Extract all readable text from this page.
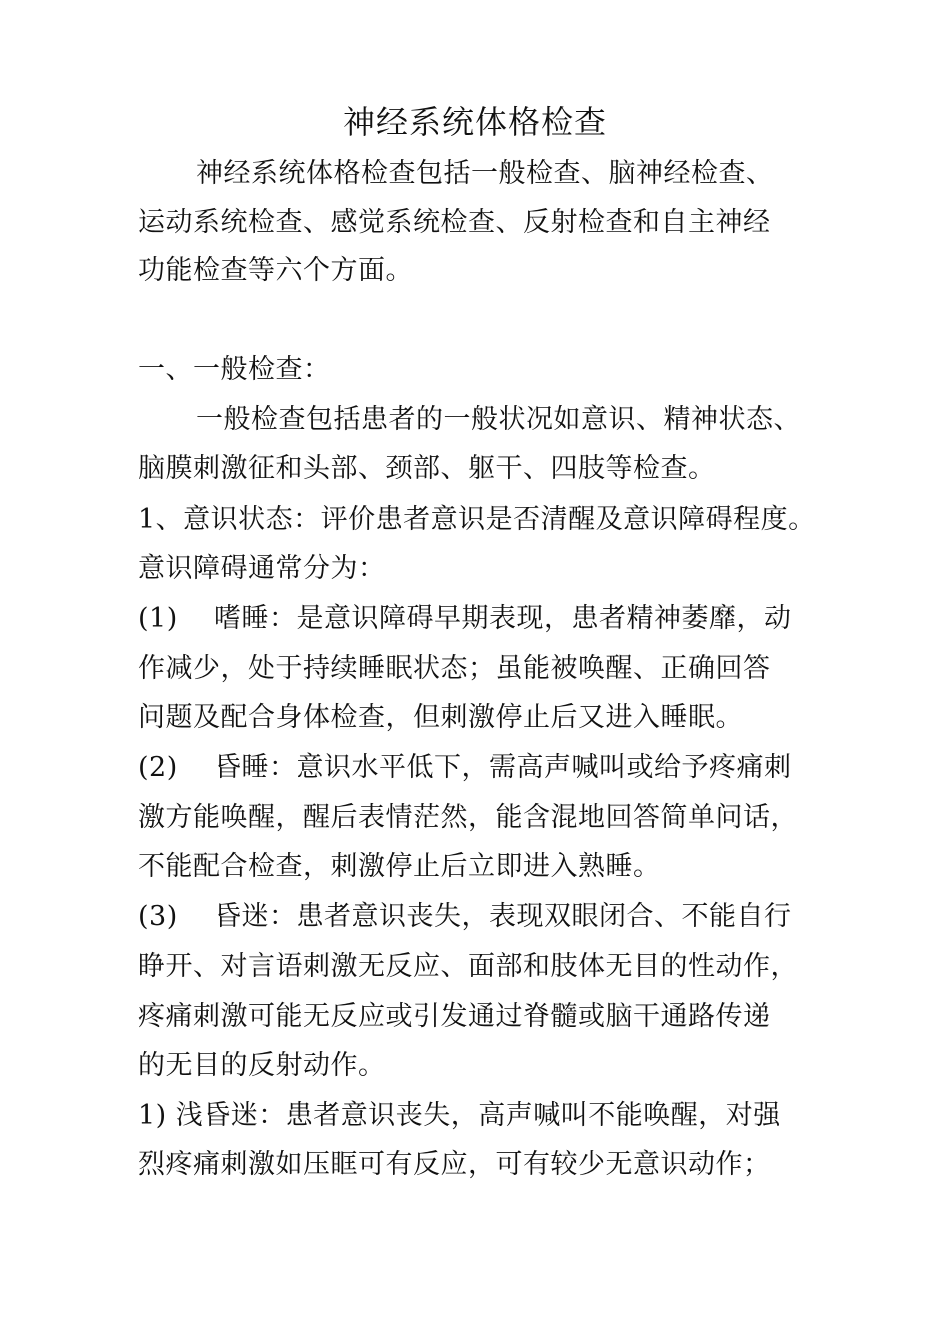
神经系统体格检查
神经系统体格检查包括一般检查、脑神经检查、
运动系统检查、感觉系统检查、反射检查和自主神经
功能检查等六个方面。
一、一般检查：
一般检查包括患者的一般状况如意识、精神状态、
脑膜刺激征和头部、颈部、躯干、四肢等检查。
1、意识状态：评价患者意识是否清醒及意识障碍程度。
意识障碍通常分为：
(1) 嗜睡：是意识障碍早期表现，患者精神萎靡，动
作减少，处于持续睡眠状态；虽能被唤醒、正确回答
问题及配合身体检查，但刺激停止后又进入睡眠。
(2) 昏睡：意识水平低下，需高声喊叫或给予疼痛刺
激方能唤醒，醒后表情茫然，能含混地回答简单问话，
不能配合检查，刺激停止后立即进入熟睡。
(3) 昏迷：患者意识丧失，表现双眼闭合、不能自行
睁开、对言语刺激无反应、面部和肢体无目的性动作，
疼痛刺激可能无反应或引发通过脊髓或脑干通路传递
的无目的反射动作。
1) 浅昏迷：患者意识丧失，高声喊叫不能唤醒，对强
烈疼痛刺激如压眶可有反应，可有较少无意识动作；
